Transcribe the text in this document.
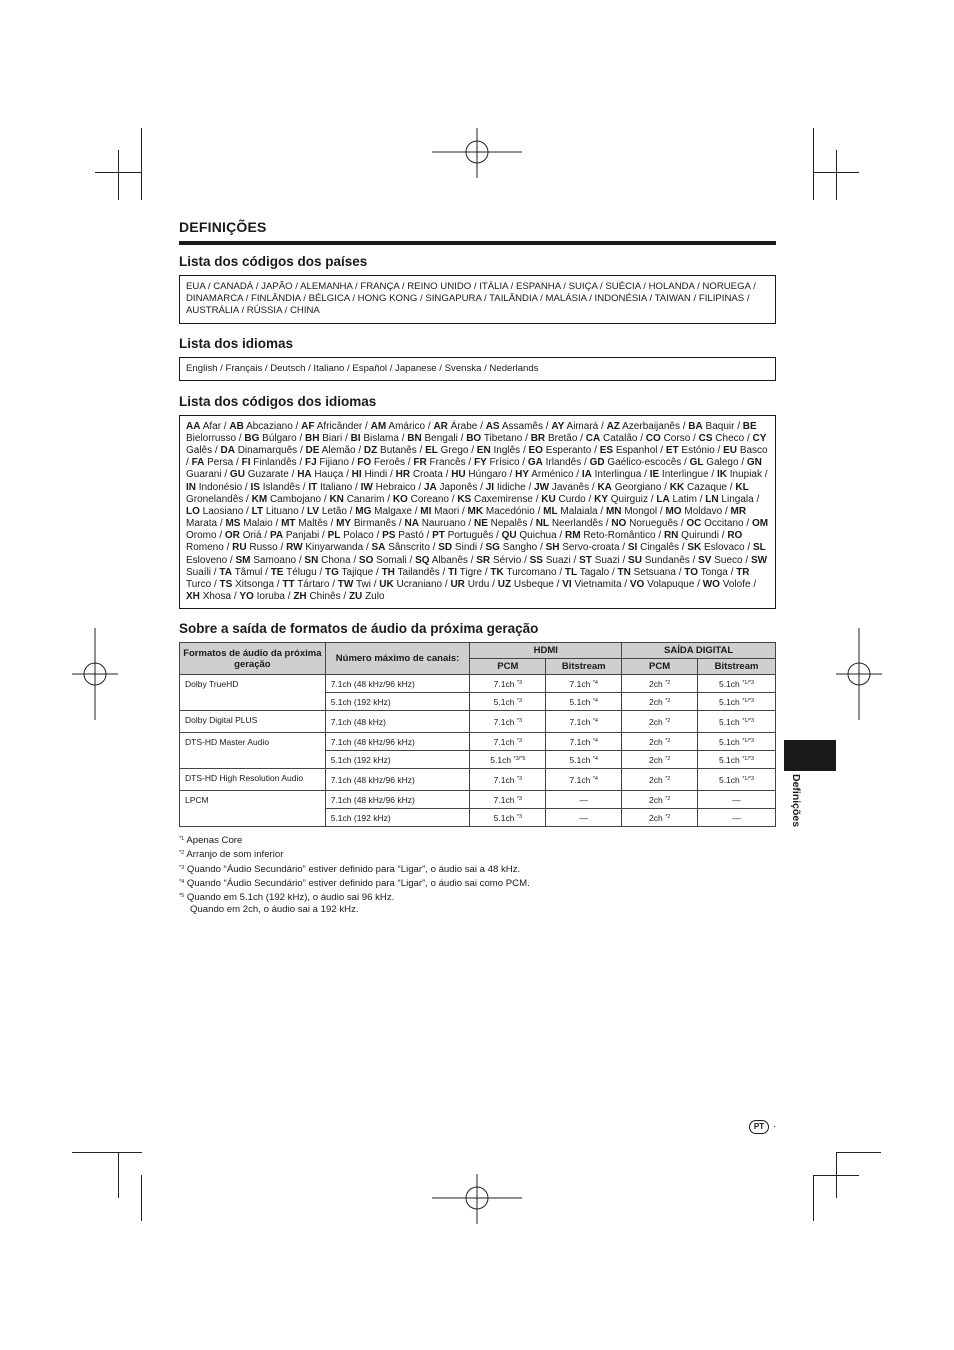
DEFINIÇÕES
Lista dos códigos dos países
EUA / CANADÁ / JAPÃO / ALEMANHA / FRANÇA / REINO UNIDO / ITÁLIA / ESPANHA / SUIÇA / SUÉCIA / HOLANDA / NORUEGA / DINAMARCA / FINLÂNDIA / BÉLGICA / HONG KONG / SINGAPURA / TAILÂNDIA / MALÁSIA / INDONÉSIA / TAIWAN / FILIPINAS / AUSTRÁLIA / RÚSSIA / CHINA
Lista dos idiomas
English / Français / Deutsch / Italiano / Español / Japanese / Svenska / Nederlands
Lista dos códigos dos idiomas
AA Afar / AB Abcaziano / AF Africânder / AM Amárico / AR Árabe / AS Assamês / AY Aimará / AZ Azerbaijanês / BA Baquir / BE Bielorrusso / BG Búlgaro / BH Biari / BI Bislama / BN Bengali / BO Tibetano / BR Bretão / CA Catalão / CO Corso / CS Checo / CY Galês / DA Dinamarquês / DE Alemão / DZ Butanês / EL Grego / EN Inglês / EO Esperanto / ES Espanhol / ET Estónio / EU Basco / FA Persa / FI Finlandês / FJ Fijiano / FO Feroês / FR Francês / FY Frísico / GA Irlandês / GD Gaélico-escocês / GL Galego / GN Guarani / GU Guzarate / HA Hauça / HI Hindi / HR Croata / HU Húngaro / HY Arménico / IA Interlingua / IE Interlingue / IK Inupiak / IN Indonésio / IS Islandês / IT Italiano / IW Hebraico / JA Japonês / JI Iidiche / JW Javanês / KA Georgiano / KK Cazaque / KL Gronelandês / KM Cambojano / KN Canarim / KO Coreano / KS Caxemirense / KU Curdo / KY Quirguiz / LA Latim / LN Lingala / LO Laosiano / LT Lituano / LV Letão / MG Malgaxe / MI Maori / MK Macedónio / ML Malaiala / MN Mongol / MO Moldavo / MR Marata / MS Malaio / MT Maltês / MY Birmanês / NA Nauruano / NE Nepalês / NL Neerlandês / NO Norueguês / OC Occitano / OM Oromo / OR Oriá / PA Panjabi / PL Polaco / PS Pastó / PT Português / QU Quichua / RM Reto-Romântico / RN Quirundi / RO Romeno / RU Russo / RW Kinyarwanda / SA Sânscrito / SD Sindi / SG Sangho / SH Servo-croata / SI Cingalês / SK Eslovaco / SL Esloveno / SM Samoano / SN Chona / SO Somali / SQ Albanês / SR Sérvio / SS Suazi / ST Suazi / SU Sundanês / SV Sueco / SW Suaíli / TA Tâmul / TE Télugu / TG Tajique / TH Tailandês / TI Tigre / TK Turcomano / TL Tagalo / TN Setsuana / TO Tonga / TR Turco / TS Xitsonga / TT Tártaro / TW Twi / UK Ucraniano / UR Urdu / UZ Usbeque / VI Vietnamita / VO Volapuque / WO Volofe / XH Xhosa / YO Ioruba / ZH Chinês / ZU Zulo
Sobre a saída de formatos de áudio da próxima geração
Formatos de áudio da próxima geração	Número máximo de canais:	HDMI		SAÍDA DIGITAL	
		PCM	Bitstream	PCM	Bitstream
Dolby TrueHD	7.1ch (48 kHz/96 kHz)	7.1ch $^{*3}$	7.1ch $^{*4}$	2ch $^{*2}$	5.1ch $^{*1/*3}$
	5.1ch (192 kHz)	5.1ch $^{*3}$	5.1ch $^{*4}$	2ch $^{*2}$	5.1ch $^{*1/*3}$
Dolby Digital PLUS	7.1ch (48 kHz)	7.1ch $^{*3}$	7.1ch $^{*4}$	2ch $^{*2}$	5.1ch $^{*1/*3}$
DTS-HD Master Audio	7.1ch (48 kHz/96 kHz)	7.1ch $^{*3}$	7.1ch $^{*4}$	2ch $^{*2}$	5.1ch $^{*1/*3}$
	5.1ch (192 kHz)	5.1ch $^{*3/*5}$	5.1ch $^{*4}$	2ch $^{*2}$	5.1ch $^{*1/*3}$
DTS-HD High Resolution Audio	7.1ch (48 kHz/96 kHz)	7.1ch $^{*3}$	7.1ch $^{*4}$	2ch $^{*2}$	5.1ch $^{*1/*3}$
LPCM	7.1ch (48 kHz/96 kHz)	7.1ch $^{*3}$	—	2ch $^{*2}$	—
	5.1ch (192 kHz)	5.1ch $^{*3}$	—	2ch $^{*2}$	—
$^{*1}$ Apenas Core
$^{*2}$ Arranjo de som inferior
$^{*3}$ Quando “Áudio Secundário” estiver definido para “Ligar”, o áudio sai a 48 kHz.
$^{*4}$ Quando “Áudio Secundário” estiver definido para “Ligar”, o áudio sai como PCM.
$^{*5}$ Quando em 5.1ch (192 kHz), o áudio sai 96 kHz.
Quando em 2ch, o áudio sai a 192 kHz.
Definições
PT ·
